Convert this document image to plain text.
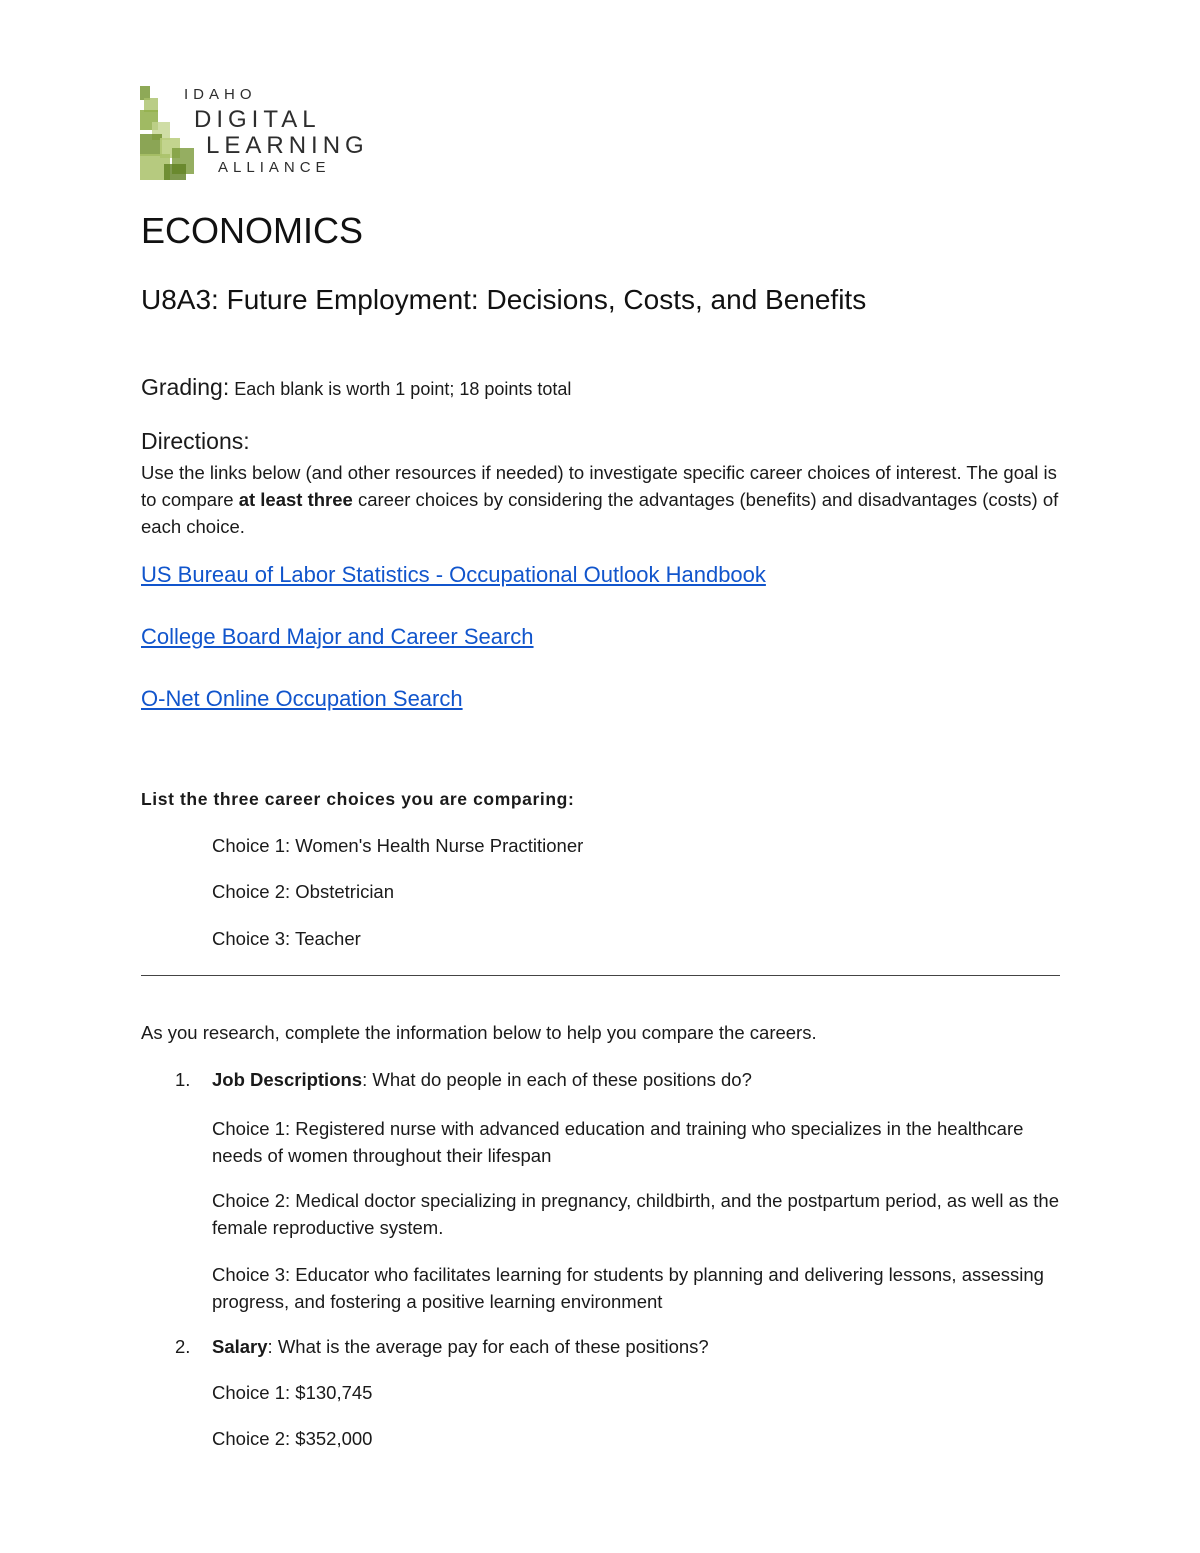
IDAHO
DIGITAL
LEARNING
ALLIANCE
ECONOMICS
U8A3: Future Employment: Decisions, Costs, and Benefits
Grading: Each blank is worth 1 point; 18 points total
Directions:
Use the links below (and other resources if needed) to investigate specific career choices of interest. The goal is to compare at least three career choices by considering the advantages (benefits) and disadvantages (costs) of each choice.
US Bureau of Labor Statistics - Occupational Outlook Handbook
College Board Major and Career Search
O-Net Online Occupation Search
List the three career choices you are comparing:
Choice 1: Women's Health Nurse Practitioner
Choice 2: Obstetrician
Choice 3: Teacher
As you research, complete the information below to help you compare the careers.
1. Job Descriptions: What do people in each of these positions do?
Choice 1: Registered nurse with advanced education and training who specializes in the healthcare needs of women throughout their lifespan
Choice 2: Medical doctor specializing in pregnancy, childbirth, and the postpartum period, as well as the female reproductive system.
Choice 3: Educator who facilitates learning for students by planning and delivering lessons, assessing progress, and fostering a positive learning environment
2. Salary: What is the average pay for each of these positions?
Choice 1: $130,745
Choice 2: $352,000
